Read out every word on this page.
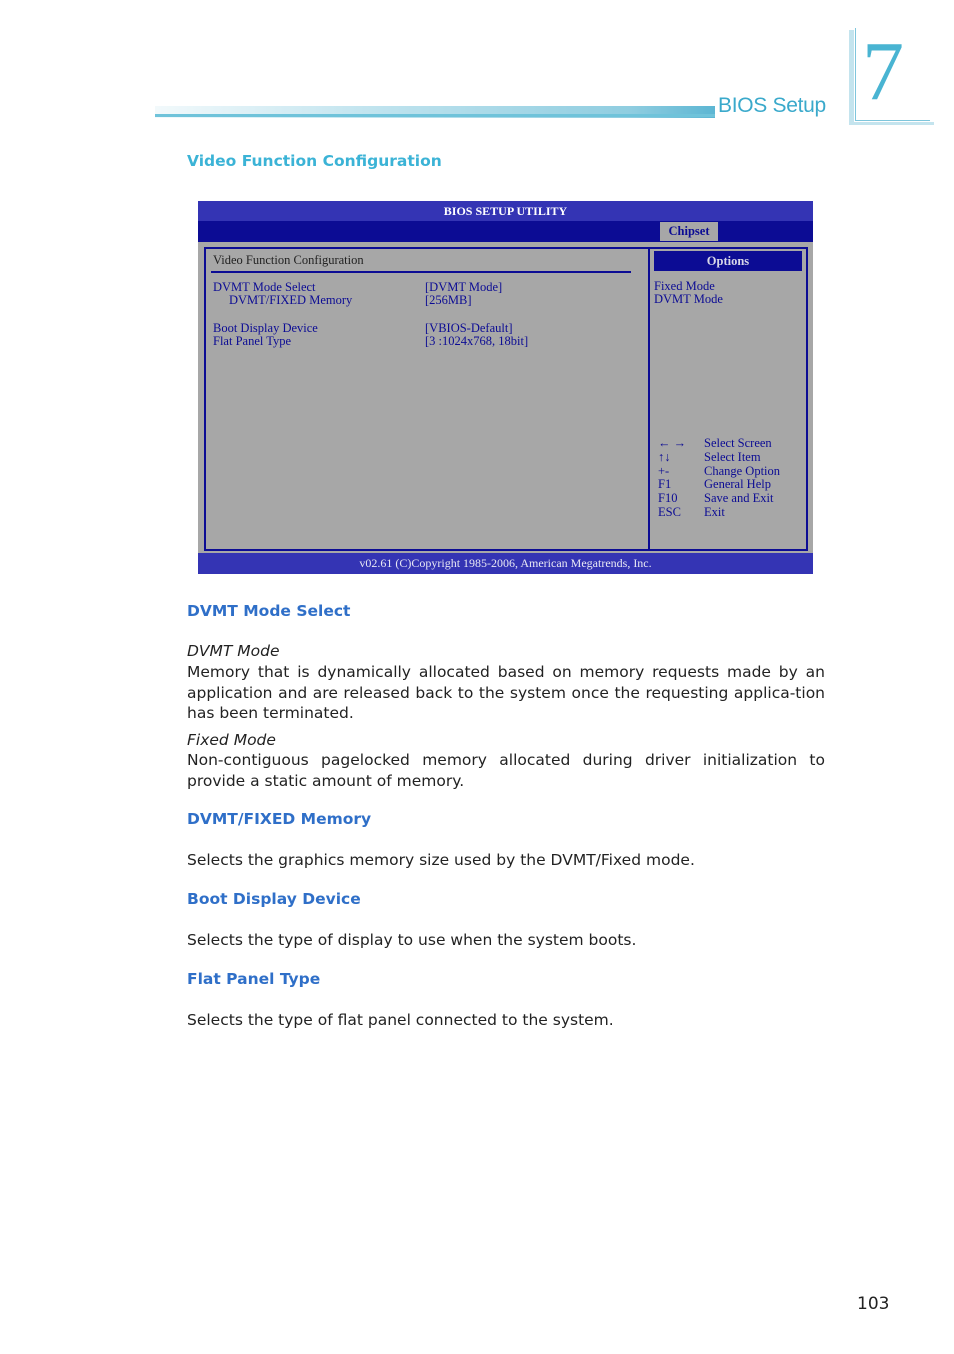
BIOS Setup 7
Video Function Configuration
BIOS SETUP UTILITY
Chipset
Video Function Configuration
DVMT Mode Select	[DVMT Mode]
DVMT/FIXED Memory	[256MB]
Boot Display Device	[VBIOS-Default]
Flat Panel Type	[3 :1024x768, 18bit]
Options
Fixed Mode
DVMT Mode
← → Select Screen
↑↓	Select Item
+-	Change Option
F1	General Help
F10 Save and Exit
ESC Exit
v02.61 (C)Copyright 1985-2006, American Megatrends, Inc.
DVMT Mode Select
DVMT Mode
Memory that is dynamically allocated based on memory requests made by an application and are released back to the system once the requesting applica-tion has been terminated.
Fixed Mode
Non-contiguous pagelocked memory allocated during driver initialization to provide a static amount of memory.
DVMT/FIXED Memory
Selects the graphics memory size used by the DVMT/Fixed mode.
Boot Display Device
Selects the type of display to use when the system boots.
Flat Panel Type
Selects the type of flat panel connected to the system.
103
